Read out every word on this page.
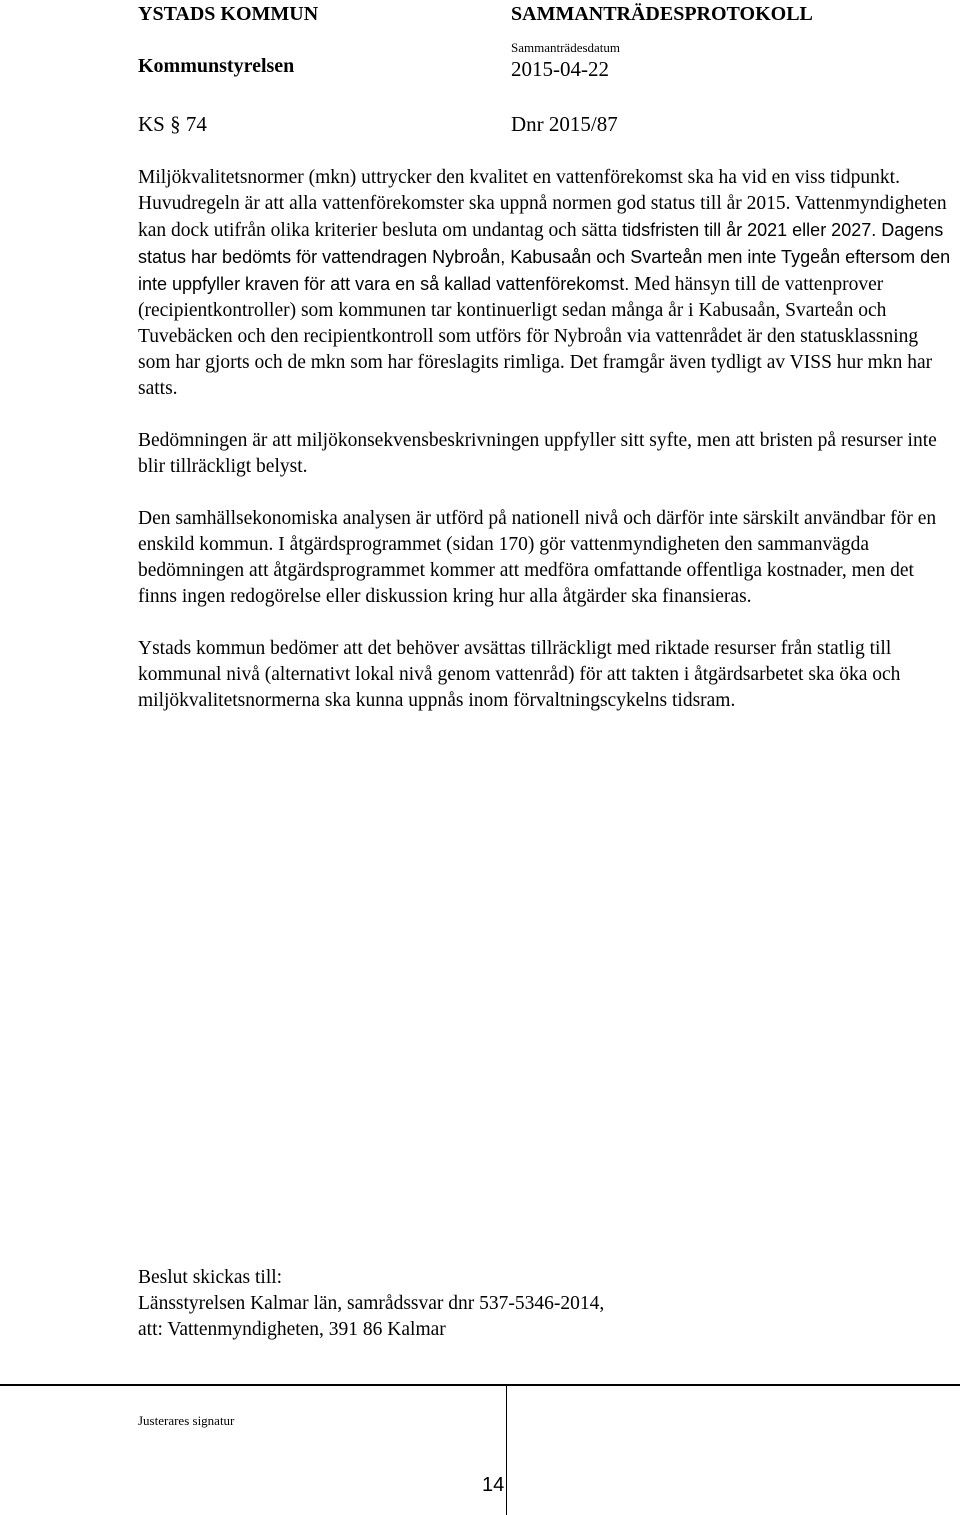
YSTADS KOMMUN	SAMMANTRÄDESPROTOKOLL
Sammanträdesdatum
Kommunstyrelsen	2015-04-22
KS § 74	Dnr 2015/87

Miljökvalitetsnormer (mkn) uttrycker den kvalitet en vattenförekomst ska ha vid en viss tidpunkt. Huvudregeln är att alla vattenförekomster ska uppnå normen god status till år 2015. Vattenmyndigheten kan dock utifrån olika kriterier besluta om undantag och sätta tidsfristen till år 2021 eller 2027. Dagens status har bedömts för vattendragen Nybroån, Kabusaån och Svarteån men inte Tygeån eftersom den inte uppfyller kraven för att vara en så kallad vattenförekomst. Med hänsyn till de vattenprover (recipientkontroller) som kommunen tar kontinuerligt sedan många år i Kabusaån, Svarteån och Tuvebäcken och den recipientkontroll som utförs för Nybroån via vattenrådet är den statusklassning som har gjorts och de mkn som har föreslagits rimliga. Det framgår även tydligt av VISS hur mkn har satts.

Bedömningen är att miljökonsekvensbeskrivningen uppfyller sitt syfte, men att bristen på resurser inte blir tillräckligt belyst.

Den samhällsekonomiska analysen är utförd på nationell nivå och därför inte särskilt användbar för en enskild kommun. I åtgärdsprogrammet (sidan 170) gör vattenmyndigheten den sammanvägda bedömningen att åtgärdsprogrammet kommer att medföra omfattande offentliga kostnader, men det finns ingen redogörelse eller diskussion kring hur alla åtgärder ska finansieras.

Ystads kommun bedömer att det behöver avsättas tillräckligt med riktade resurser från statlig till kommunal nivå (alternativt lokal nivå genom vattenråd) för att takten i åtgärdsarbetet ska öka och miljökvalitetsnormerna ska kunna uppnås inom förvaltningscykelns tidsram.

Beslut skickas till:
Länsstyrelsen Kalmar län, samrådssvar dnr 537-5346-2014,
att: Vattenmyndigheten, 391 86 Kalmar
Justerares signatur
14
